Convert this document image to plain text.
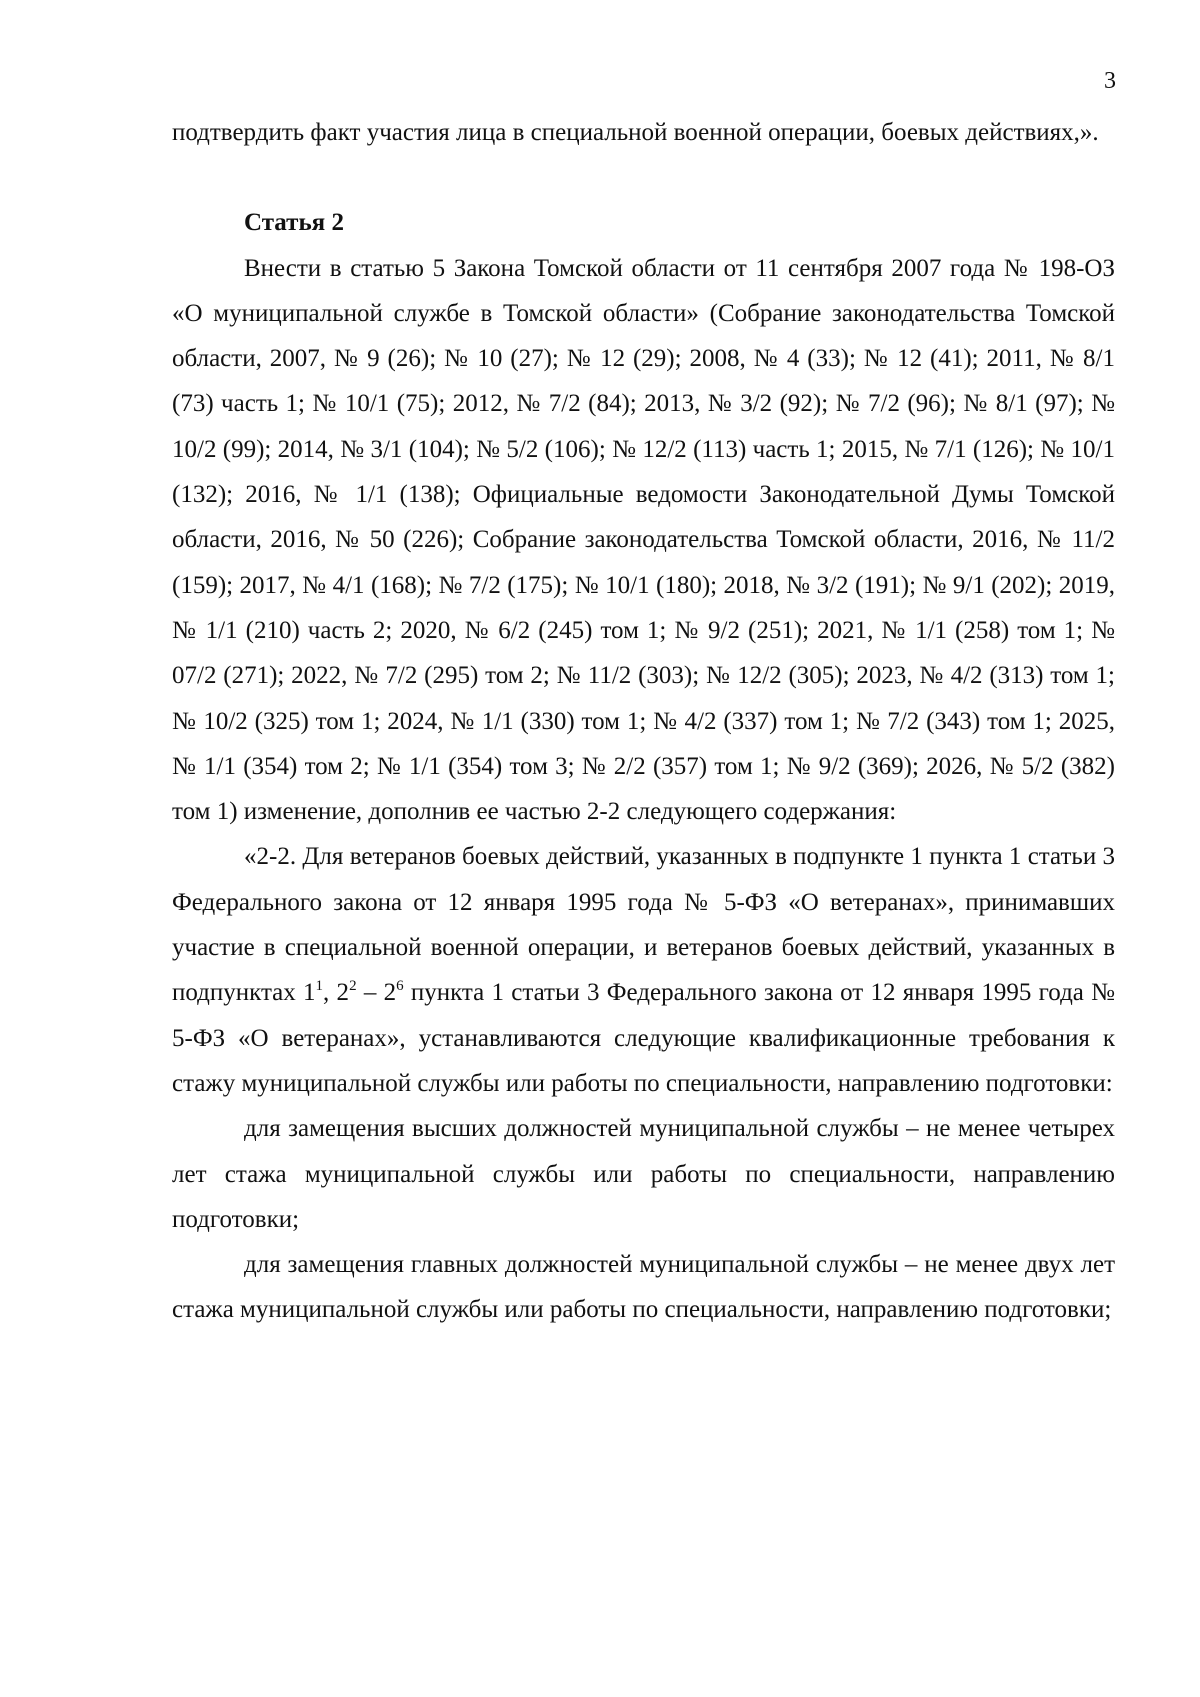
3

подтвердить факт участия лица в специальной военной операции, боевых действиях,».

Статья 2

Внести в статью 5 Закона Томской области от 11 сентября 2007 года № 198-ОЗ «О муниципальной службе в Томской области» (Собрание законодательства Томской области, 2007, № 9 (26); № 10 (27); № 12 (29); 2008, № 4 (33); № 12 (41); 2011, № 8/1 (73) часть 1; № 10/1 (75); 2012, № 7/2 (84); 2013, № 3/2 (92); № 7/2 (96); № 8/1 (97); № 10/2 (99); 2014, № 3/1 (104); № 5/2 (106); № 12/2 (113) часть 1; 2015, № 7/1 (126); № 10/1 (132); 2016, № 1/1 (138); Официальные ведомости Законодательной Думы Томской области, 2016, № 50 (226); Собрание законодательства Томской области, 2016, № 11/2 (159); 2017, № 4/1 (168); № 7/2 (175); № 10/1 (180); 2018, № 3/2 (191); № 9/1 (202); 2019, № 1/1 (210) часть 2; 2020, № 6/2 (245) том 1; № 9/2 (251); 2021, № 1/1 (258) том 1; № 07/2 (271); 2022, № 7/2 (295) том 2; № 11/2 (303); № 12/2 (305); 2023, № 4/2 (313) том 1; № 10/2 (325) том 1; 2024, № 1/1 (330) том 1; № 4/2 (337) том 1; № 7/2 (343) том 1; 2025, № 1/1 (354) том 2; № 1/1 (354) том 3; № 2/2 (357) том 1; № 9/2 (369); 2026, № 5/2 (382) том 1) изменение, дополнив ее частью 2-2 следующего содержания:

«2-2. Для ветеранов боевых действий, указанных в подпункте 1 пункта 1 статьи 3 Федерального закона от 12 января 1995 года № 5-ФЗ «О ветеранах», принимавших участие в специальной военной операции, и ветеранов боевых действий, указанных в подпунктах $1^1$, $2^2 - 2^6$ пункта 1 статьи 3 Федерального закона от 12 января 1995 года № 5-ФЗ «О ветеранах», устанавливаются следующие квалификационные требования к стажу муниципальной службы или работы по специальности, направлению подготовки:

для замещения высших должностей муниципальной службы – не менее четырех лет стажа муниципальной службы или работы по специальности, направлению подготовки;

для замещения главных должностей муниципальной службы – не менее двух лет стажа муниципальной службы или работы по специальности, направлению подготовки;
